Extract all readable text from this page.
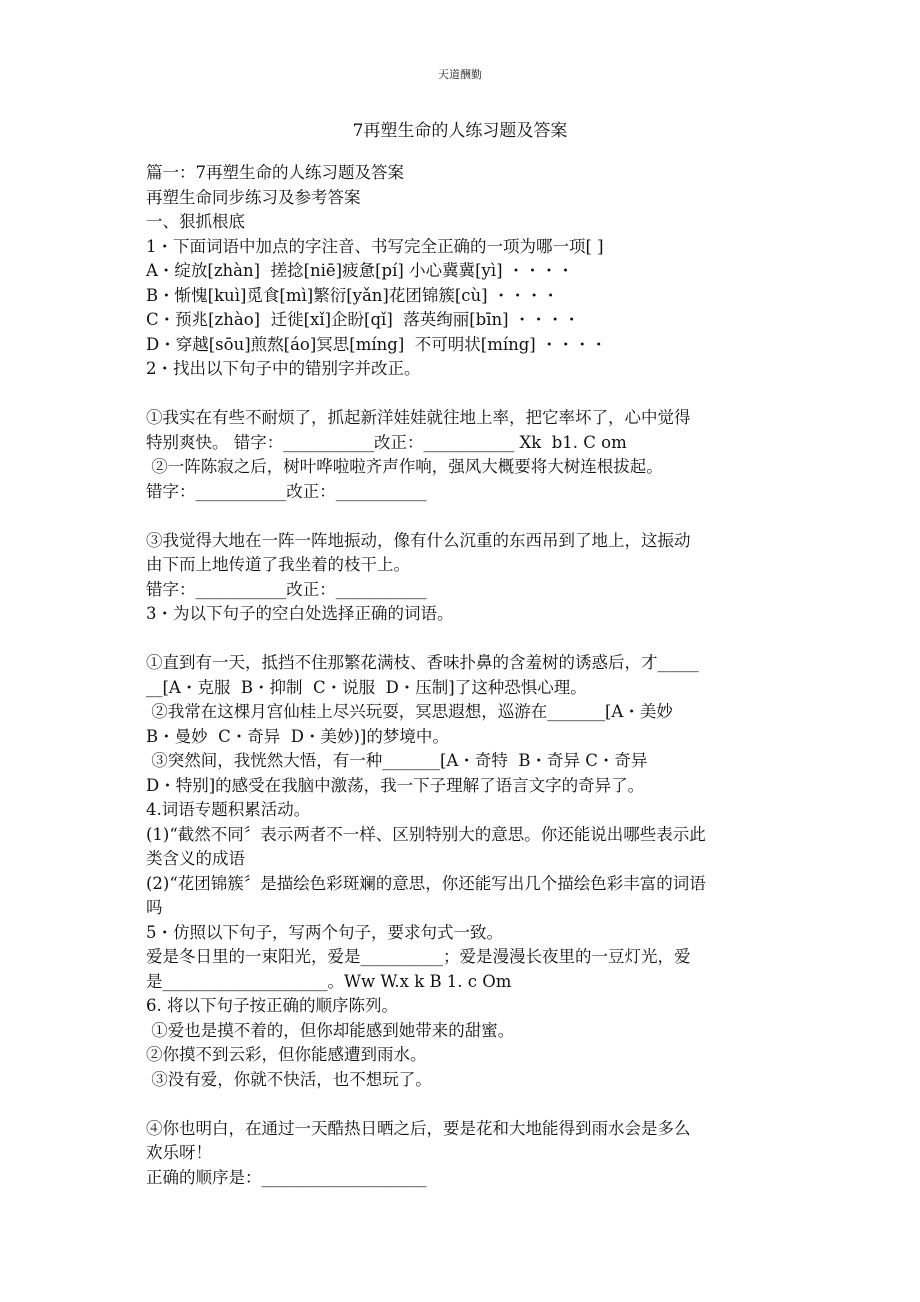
天道酬勤
7再塑生命的人练习题及答案
篇一：7再塑生命的人练习题及答案
再塑生命同步练习及参考答案
一、狠抓根底
1・下面词语中加点的字注音、书写完全正确的一项为哪一项[ ]
A・绽放[zhàn]  搓捻[niē]疲惫[pí] 小心冀冀[yì] ・・・・
B・惭愧[kuì]觅食[mì]繁衍[yǎn]花团锦簇[cù] ・・・・
C・预兆[zhào]  迁徙[xǐ]企盼[qǐ]  落英绚丽[bīn] ・・・・
D・穿越[sōu]煎熬[áo]冥思[míng]  不可明状[míng] ・・・・
2・找出以下句子中的错别字并改正。
①我实在有些不耐烦了，抓起新洋娃娃就往地上率，把它率坏了，心中觉得
特别爽快。 错字：___________改正：___________ Xk  b1. C om
②一阵陈寂之后，树叶哗啦啦齐声作响，强风大概要将大树连根拔起。
错字：___________改正：___________
③我觉得大地在一阵一阵地振动，像有什么沉重的东西吊到了地上，这振动
由下而上地传道了我坐着的枝干上。
错字：___________改正：___________
3・为以下句子的空白处选择正确的词语。
①直到有一天，抵挡不住那繁花满枝、香味扑鼻的含羞树的诱惑后，才_____
__[A・克服  B・抑制  C・说服  D・压制]了这种恐惧心理。
②我常在这棵月宫仙桂上尽兴玩耍，冥思遐想，巡游在_______[A・美妙
B・曼妙  C・奇异  D・美妙)]的梦境中。
③突然间，我恍然大悟，有一种_______[A・奇特  B・奇异 C・奇异
D・特别]的感受在我脑中激荡，我一下子理解了语言文字的奇异了。
4.词语专题积累活动。
(1)“截然不同〞表示两者不一样、区别特别大的意思。你还能说出哪些表示此
类含义的成语
(2)“花团锦簇〞是描绘色彩斑斓的意思，你还能写出几个描绘色彩丰富的词语
吗
5・仿照以下句子，写两个句子，要求句式一致。
爱是冬日里的一束阳光，爱是__________；爱是漫漫长夜里的一豆灯光，爱
是____________________。Ww W.x k B 1. c Om
6. 将以下句子按正确的顺序陈列。
①爱也是摸不着的，但你却能感到她带来的甜蜜。
②你摸不到云彩，但你能感遭到雨水。
③没有爱，你就不快活，也不想玩了。
④你也明白，在通过一天酷热日晒之后，要是花和大地能得到雨水会是多么
欢乐呀！
正确的顺序是：____________________
